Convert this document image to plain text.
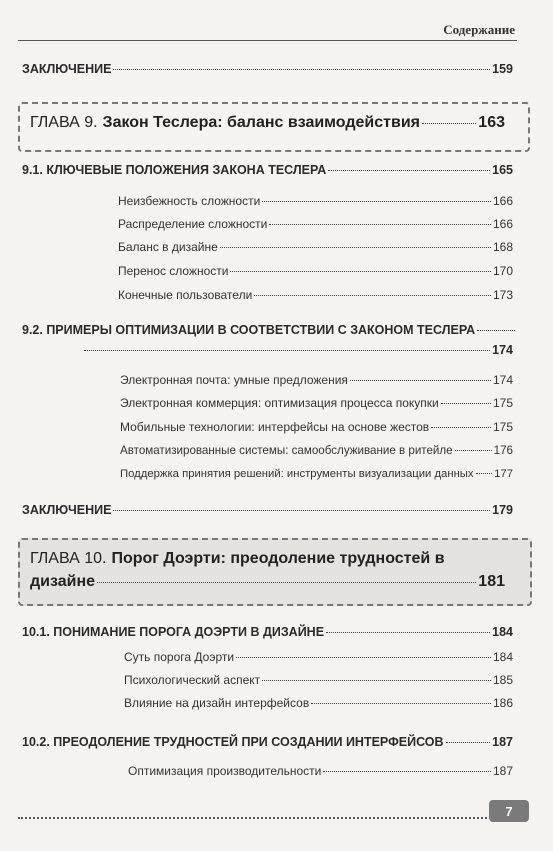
Содержание
ЗАКЛЮЧЕНИЕ	159
ГЛАВА 9. Закон Теслера: баланс взаимодействия	163
9.1. КЛЮЧЕВЫЕ ПОЛОЖЕНИЯ ЗАКОНА ТЕСЛЕРА	165
Неизбежность сложности	166
Распределение сложности	166
Баланс в дизайне	168
Перенос сложности	170
Конечные пользователи	173
9.2. ПРИМЕРЫ ОПТИМИЗАЦИИ В СООТВЕТСТВИИ С ЗАКОНОМ ТЕСЛЕРА
174
Электронная почта: умные предложения	174
Электронная коммерция: оптимизация процесса покупки	175
Мобильные технологии: интерфейсы на основе жестов	175
Автоматизированные системы: самообслуживание в ритейле	176
Поддержка принятия решений: инструменты визуализации данных 177
ЗАКЛЮЧЕНИЕ	179
ГЛАВА 10. Порог Доэрти: преодоление трудностей в
дизайне	181
10.1. ПОНИМАНИЕ ПОРОГА ДОЭРТИ В ДИЗАЙНЕ	184
Суть порога Доэрти	184
Психологический аспект	185
Влияние на дизайн интерфейсов	186
10.2. ПРЕОДОЛЕНИЕ ТРУДНОСТЕЙ ПРИ СОЗДАНИИ ИНТЕРФЕЙСОВ	187
Оптимизация производительности	187
7
